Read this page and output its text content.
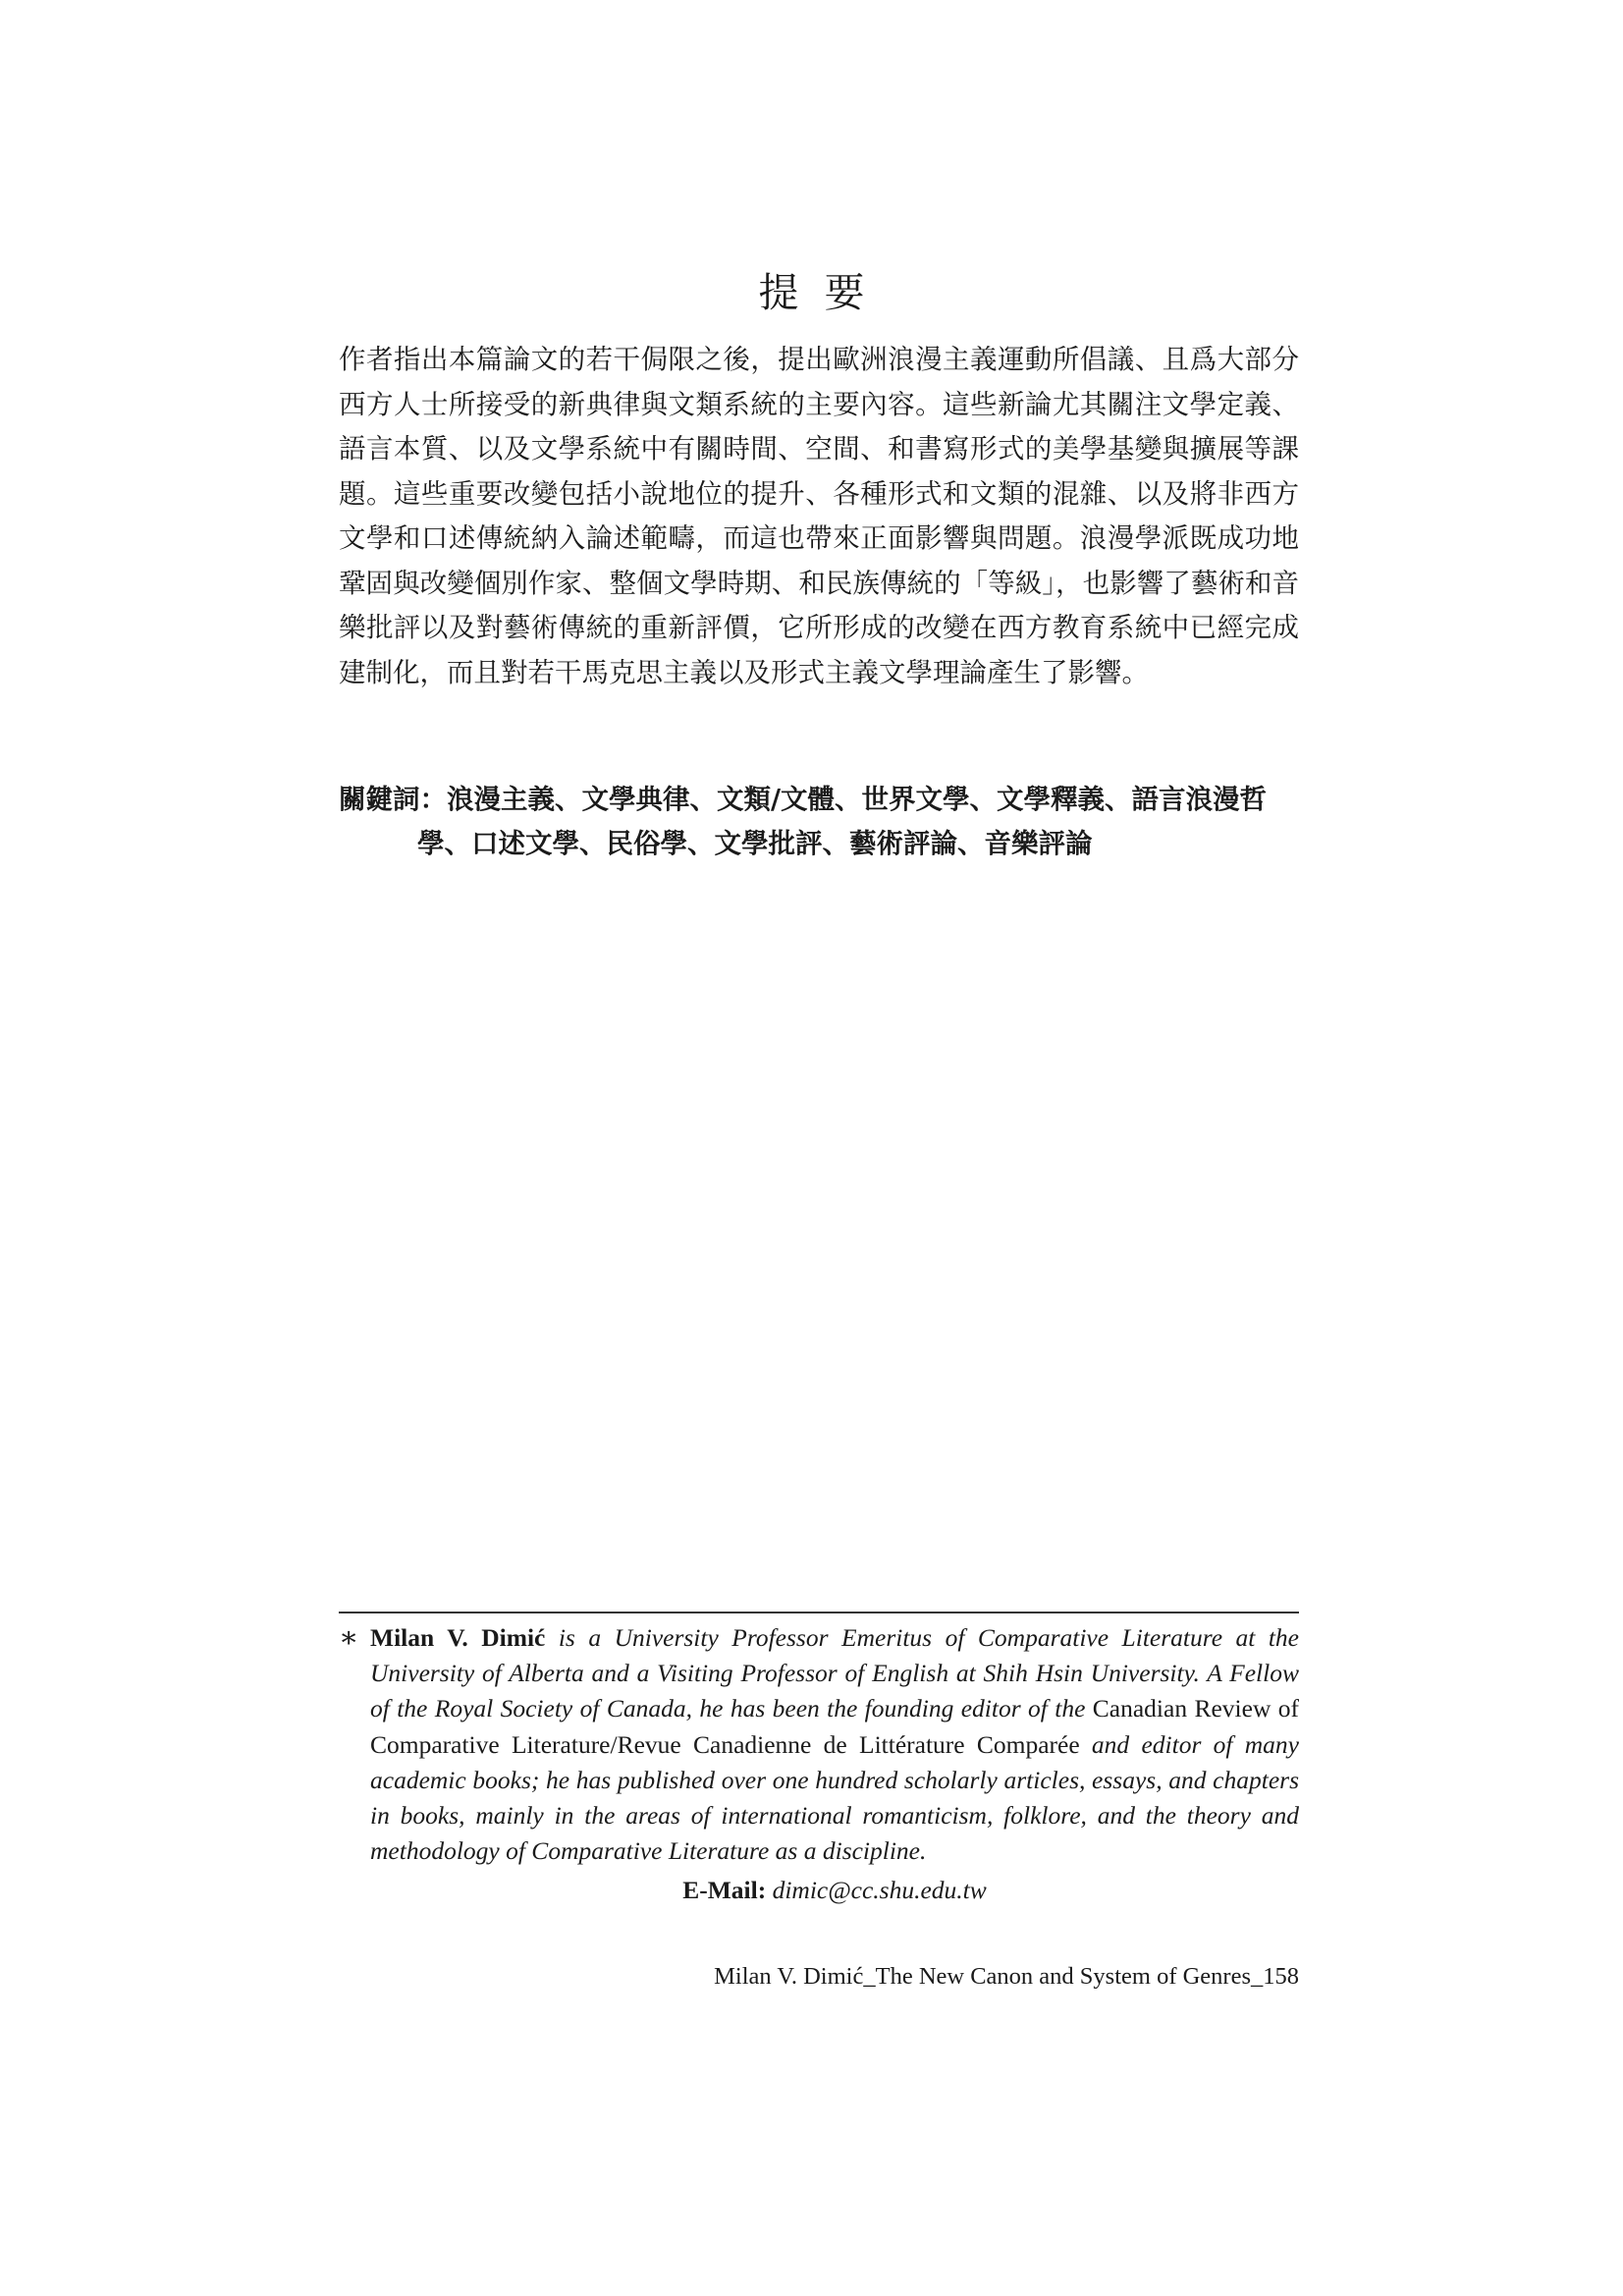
提要

作者指出本篇論文的若干侷限之後，提出歐洲浪漫主義運動所倡議、且爲大部分西方人士所接受的新典律與文類系統的主要內容。這些新論尤其關注文學定義、語言本質、以及文學系統中有關時間、空間、和書寫形式的美學基變與擴展等課題。這些重要改變包括小說地位的提升、各種形式和文類的混雜、以及將非西方文學和口述傳統納入論述範疇，而這也帶來正面影響與問題。浪漫學派既成功地鞏固與改變個別作家、整個文學時期、和民族傳統的「等級」，也影響了藝術和音樂批評以及對藝術傳統的重新評價，它所形成的改變在西方教育系統中已經完成建制化，而且對若干馬克思主義以及形式主義文學理論產生了影響。

關鍵詞：浪漫主義、文學典律、文類/文體、世界文學、文學釋義、語言浪漫哲
學、口述文學、民俗學、文學批評、藝術評論、音樂評論

∗ Milan V. Dimić is a University Professor Emeritus of Comparative Literature at the University of Alberta and a Visiting Professor of English at Shih Hsin University. A Fellow of the Royal Society of Canada, he has been the founding editor of the Canadian Review of Comparative Literature/Revue Canadienne de Littérature Comparée and editor of many academic books; he has published over one hundred scholarly articles, essays, and chapters in books, mainly in the areas of international romanticism, folklore, and the theory and methodology of Comparative Literature as a discipline.
E-Mail: dimic@cc.shu.edu.tw
Milan V. Dimić_The New Canon and System of Genres_158
